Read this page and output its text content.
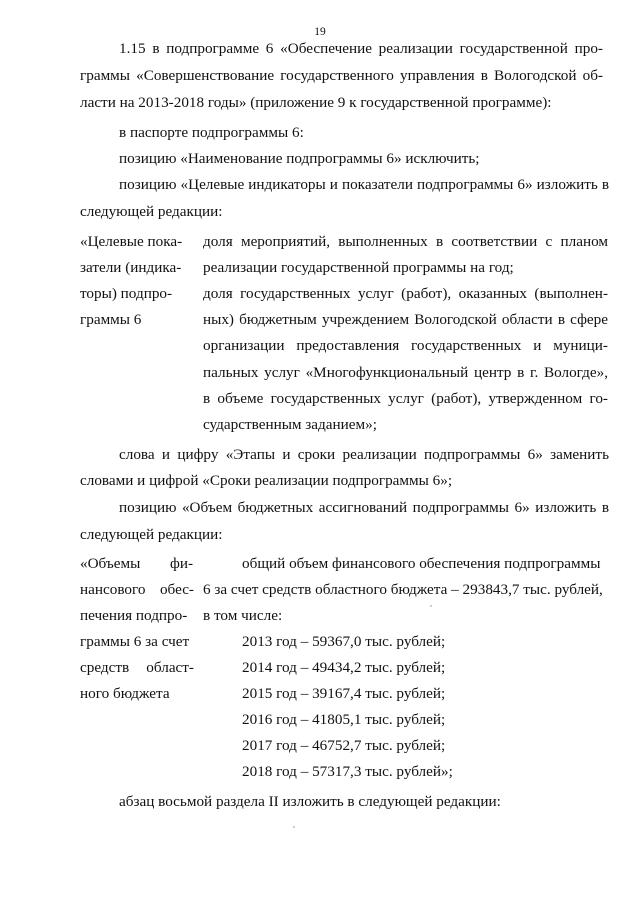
19
1.15 в подпрограмме 6 «Обеспечение реализации государственной про-
граммы «Совершенствование государственного управления в Вологодской об-
ласти на 2013-2018 годы» (приложение 9 к государственной программе):
в паспорте подпрограммы 6:
позицию «Наименование подпрограммы 6» исключить;
позицию «Целевые индикаторы и показатели подпрограммы 6» изложить в
следующей редакции:
«Целевые пока-
затели (индика-
торы) подпро-
граммы 6
доля мероприятий, выполненных в соответствии с планом
реализации государственной программы на год;
доля государственных услуг (работ), оказанных (выполнен-
ных) бюджетным учреждением Вологодской области в сфере
организации предоставления государственных и муници-
пальных услуг «Многофункциональный центр в г. Вологде»,
в объеме государственных услуг (работ), утвержденном го-
сударственным заданием»;
слова и цифру «Этапы и сроки реализации подпрограммы 6» заменить
словами и цифрой «Сроки реализации подпрограммы 6»;
позицию «Объем бюджетных ассигнований подпрограммы 6» изложить в
следующей редакции:
«Объемы фи-
нансового обес-
печения подпро-
граммы 6 за счет
средств област-
ного бюджета
общий объем финансового обеспечения подпрограммы
6 за счет средств областного бюджета – 293843,7 тыс. рублей,
в том числе:
2013 год – 59367,0 тыс. рублей;
2014 год – 49434,2 тыс. рублей;
2015 год – 39167,4 тыс. рублей;
2016 год – 41805,1 тыс. рублей;
2017 год – 46752,7 тыс. рублей;
2018 год – 57317,3 тыс. рублей»;
абзац восьмой раздела II изложить в следующей редакции:
